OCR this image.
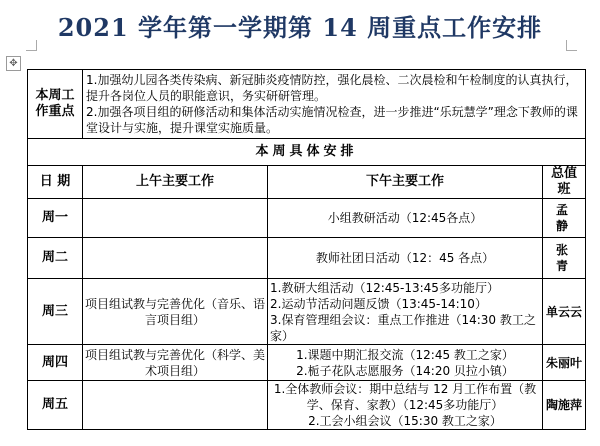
2021 学年第一学期第 14 周重点工作安排
✥
本周工作重点	1.加强幼儿园各类传染病、新冠肺炎疫情防控，强化晨检、二次晨检和午检制度的认真执行，提升各岗位人员的职能意识，务实研研管理。

2.加强各项目组的研修活动和集体活动实施情况检查，进一步推进“乐玩慧学”理念下教师的课堂设计与实施，提升课堂实施质量。		

本周具体安排			
日 期	上午主要工作	下午主要工作	总值班
周一		小组教研活动（12:45各点）	孟　静
周二		教师社团日活动（12：45 各点）	张　青
周三	项目组试教与完善优化（音乐、语言项目组）	1.教研大组活动（12:45-13:45多功能厅）
2.运动节活动问题反馈（13:45-14:10）
3.保育管理组会议：重点工作推进（14:30 教工之家）	单云云
周四	项目组试教与完善优化（科学、美术项目组）	1.课题中期汇报交流（12:45 教工之家）
2.栀子花队志愿服务（14:20 贝拉小镇）	朱丽叶
周五		1.全体教师会议：期中总结与 12 月工作布置（教学、保育、家教）（12:45多功能厅）
2.工会小组会议（15:30 教工之家）	陶施萍
